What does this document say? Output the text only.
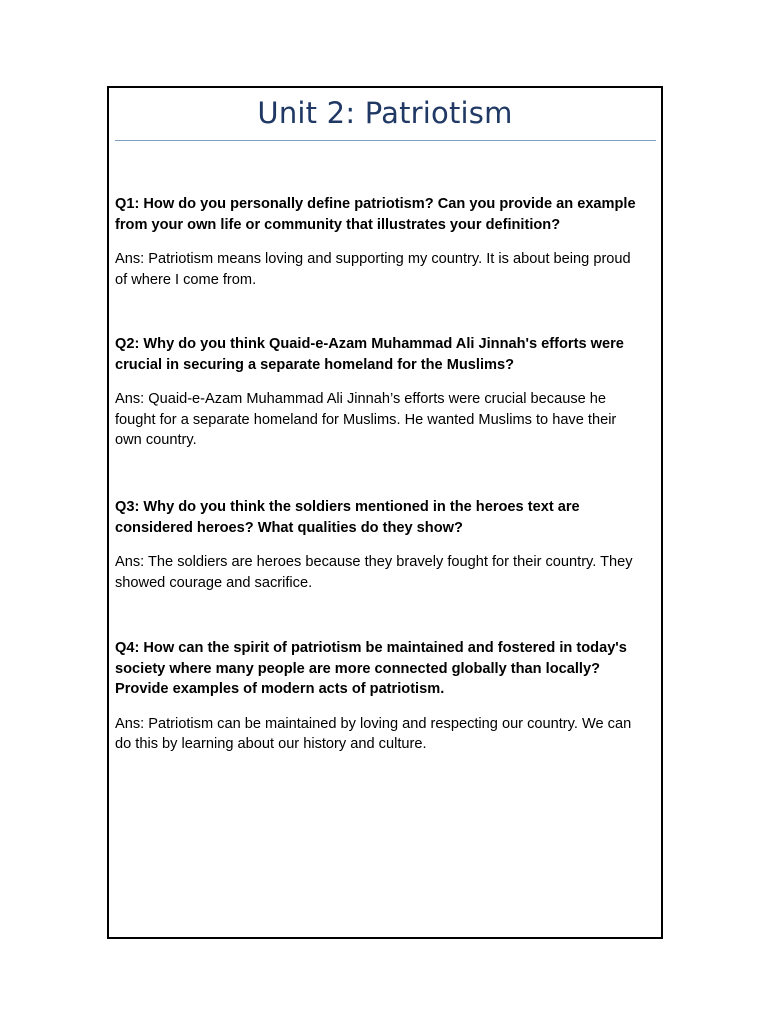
Unit 2: Patriotism

Q1: How do you personally define patriotism? Can you provide an example from your own life or community that illustrates your definition?

Ans: Patriotism means loving and supporting my country. It is about being proud of where I come from.

Q2: Why do you think Quaid-e-Azam Muhammad Ali Jinnah's efforts were crucial in securing a separate homeland for the Muslims?

Ans: Quaid-e-Azam Muhammad Ali Jinnah’s efforts were crucial because he fought for a separate homeland for Muslims. He wanted Muslims to have their own country.

Q3: Why do you think the soldiers mentioned in the heroes text are considered heroes? What qualities do they show?

Ans: The soldiers are heroes because they bravely fought for their country. They showed courage and sacrifice.

Q4: How can the spirit of patriotism be maintained and fostered in today's society where many people are more connected globally than locally? Provide examples of modern acts of patriotism.

Ans: Patriotism can be maintained by loving and respecting our country. We can do this by learning about our history and culture.
